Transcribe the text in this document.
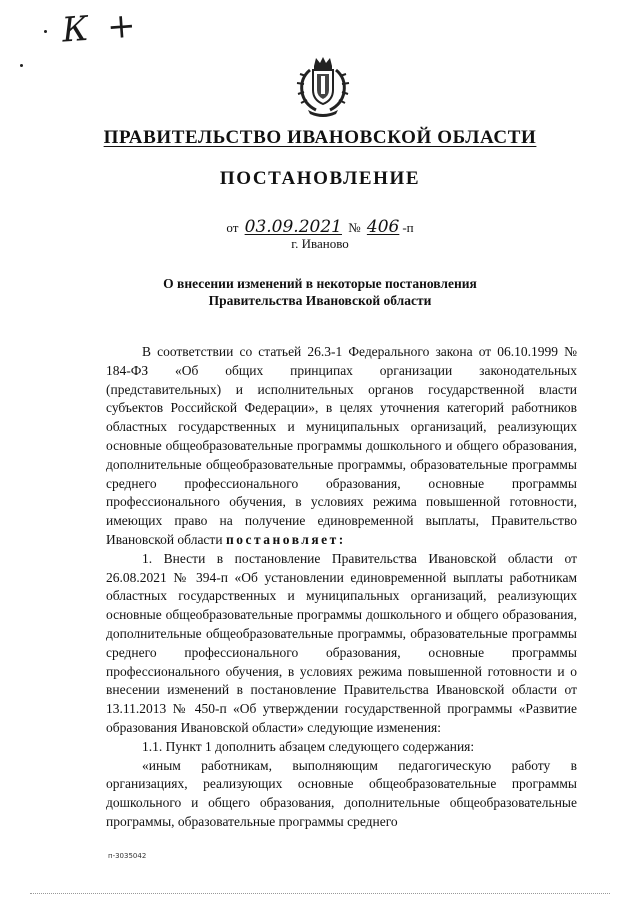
К +
ПРАВИТЕЛЬСТВО ИВАНОВСКОЙ ОБЛАСТИ
ПОСТАНОВЛЕНИЕ
от 03.09.2021 № 406 -п
г. Иваново
О внесении изменений в некоторые постановления
Правительства Ивановской области

В соответствии со статьей 26.3-1 Федерального закона от 06.10.1999 № 184-ФЗ «Об общих принципах организации законодательных (представительных) и исполнительных органов государственной власти субъектов Российской Федерации», в целях уточнения категорий работников областных государственных и муниципальных организаций, реализующих основные общеобразовательные программы дошкольного и общего образования, дополнительные общеобразовательные программы, образовательные программы среднего профессионального образования, основные программы профессионального обучения, в условиях режима повышенной готовности, имеющих право на получение единовременной выплаты, Правительство Ивановской области постановляет:

1. Внести в постановление Правительства Ивановской области от 26.08.2021 № 394-п «Об установлении единовременной выплаты работникам областных государственных и муниципальных организаций, реализующих основные общеобразовательные программы дошкольного и общего образования, дополнительные общеобразовательные программы, образовательные программы среднего профессионального образования, основные программы профессионального обучения, в условиях режима повышенной готовности и о внесении изменений в постановление Правительства Ивановской области от 13.11.2013 № 450-п «Об утверждении государственной программы «Развитие образования Ивановской области» следующие изменения:

1.1. Пункт 1 дополнить абзацем следующего содержания:

«иным работникам, выполняющим педагогическую работу в организациях, реализующих основные общеобразовательные программы дошкольного и общего образования, дополнительные общеобразовательные программы, образовательные программы среднего

п-3035042
